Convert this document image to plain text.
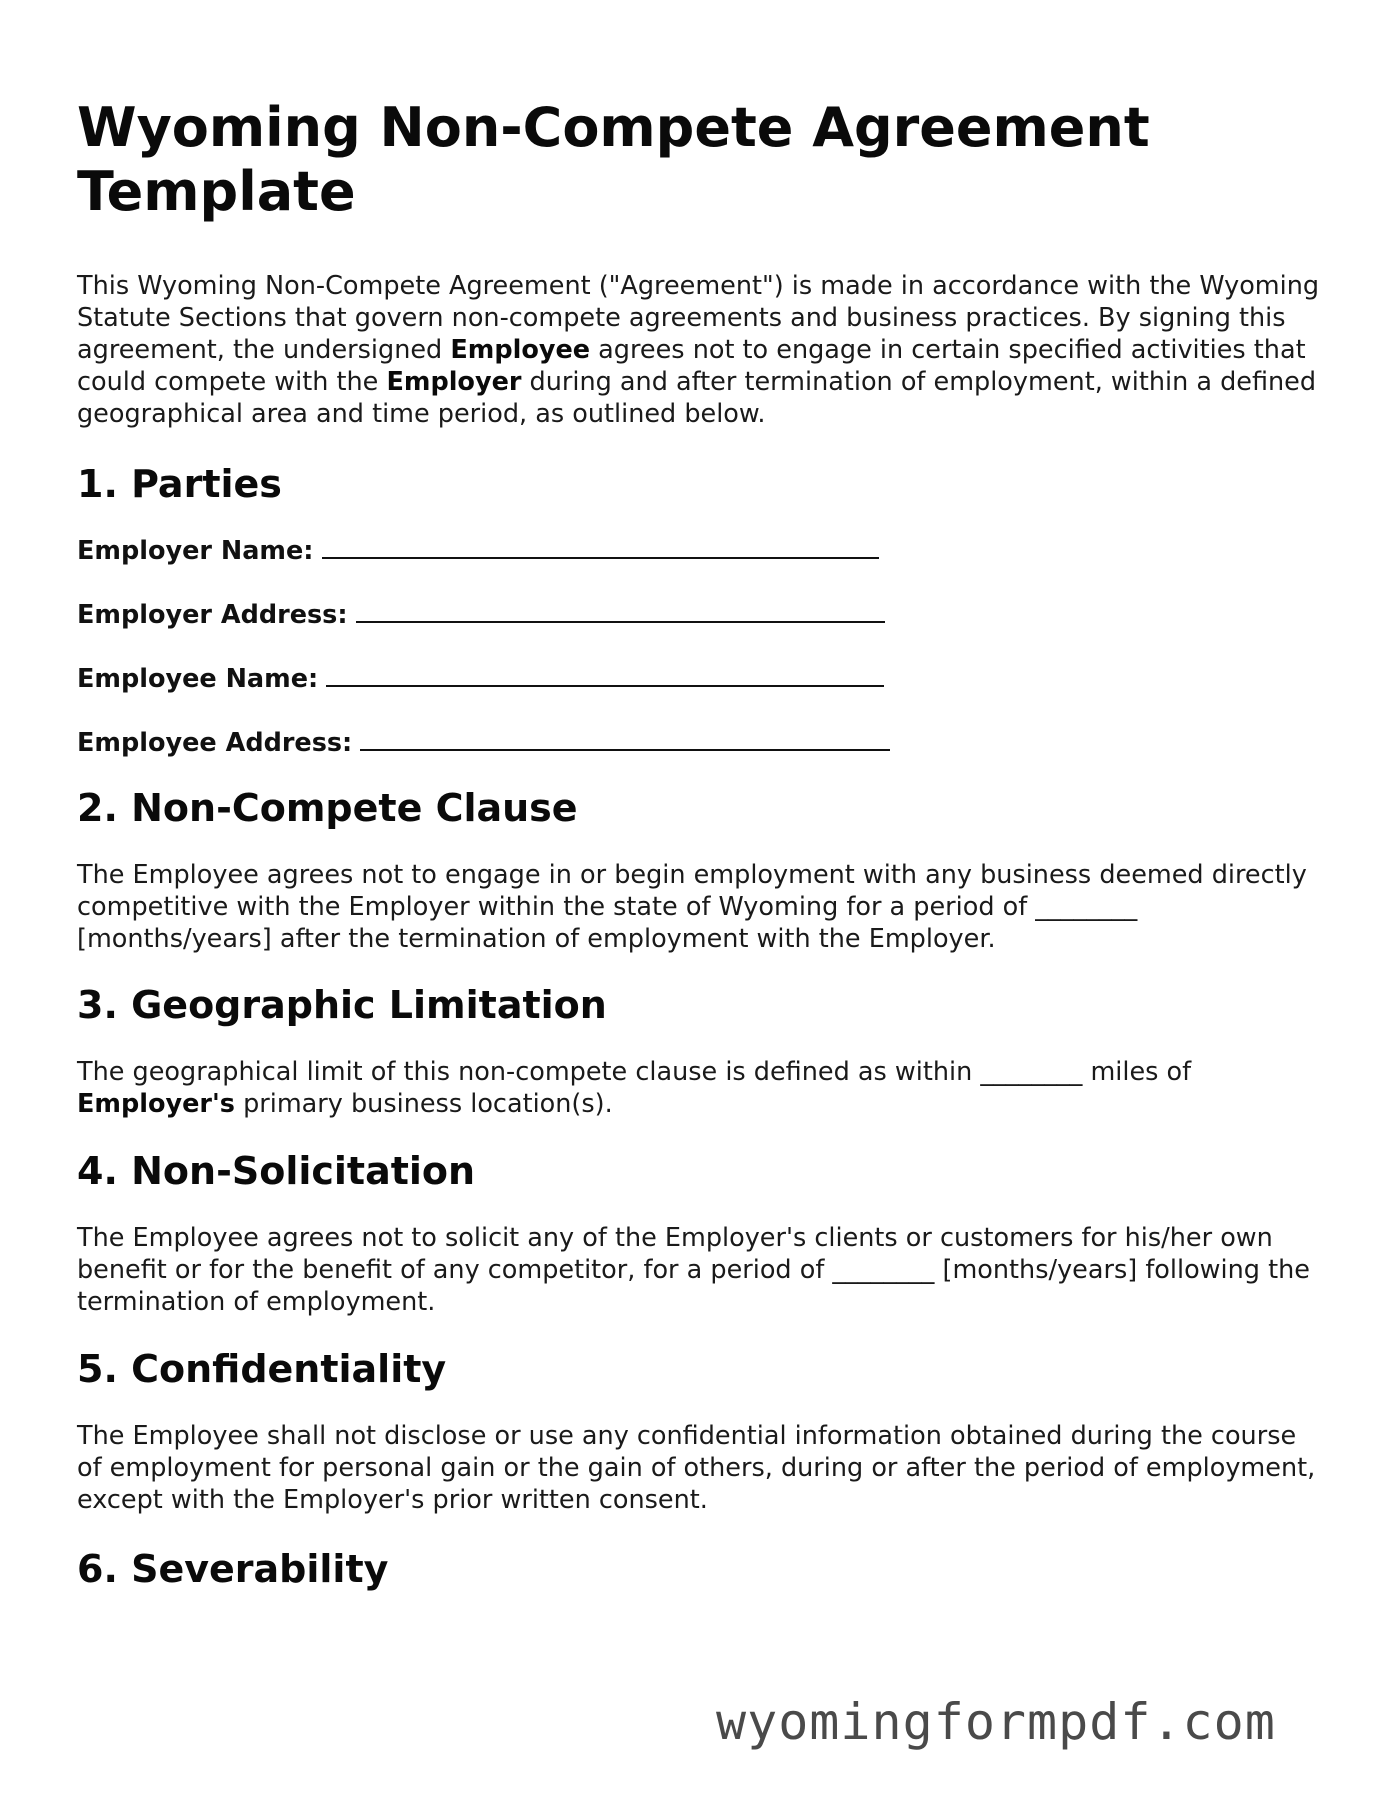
Wyoming Non-Compete Agreement Template

This Wyoming Non-Compete Agreement ("Agreement") is made in accordance with the Wyoming Statute Sections that govern non-compete agreements and business practices. By signing this agreement, the undersigned Employee agrees not to engage in certain specified activities that could compete with the Employer during and after termination of employment, within a defined geographical area and time period, as outlined below.

1. Parties
Employer Name:
Employer Address:
Employee Name:
Employee Address:
2. Non-Compete Clause

The Employee agrees not to engage in or begin employment with any business deemed directly competitive with the Employer within the state of Wyoming for a period of ________ [months/years] after the termination of employment with the Employer.

3. Geographic Limitation

The geographical limit of this non-compete clause is defined as within ________ miles of Employer's primary business location(s).

4. Non-Solicitation

The Employee agrees not to solicit any of the Employer's clients or customers for his/her own benefit or for the benefit of any competitor, for a period of ________ [months/years] following the termination of employment.

5. Confidentiality

The Employee shall not disclose or use any confidential information obtained during the course of employment for personal gain or the gain of others, during or after the period of employment, except with the Employer's prior written consent.

6. Severability
wyomingformpdf.com
